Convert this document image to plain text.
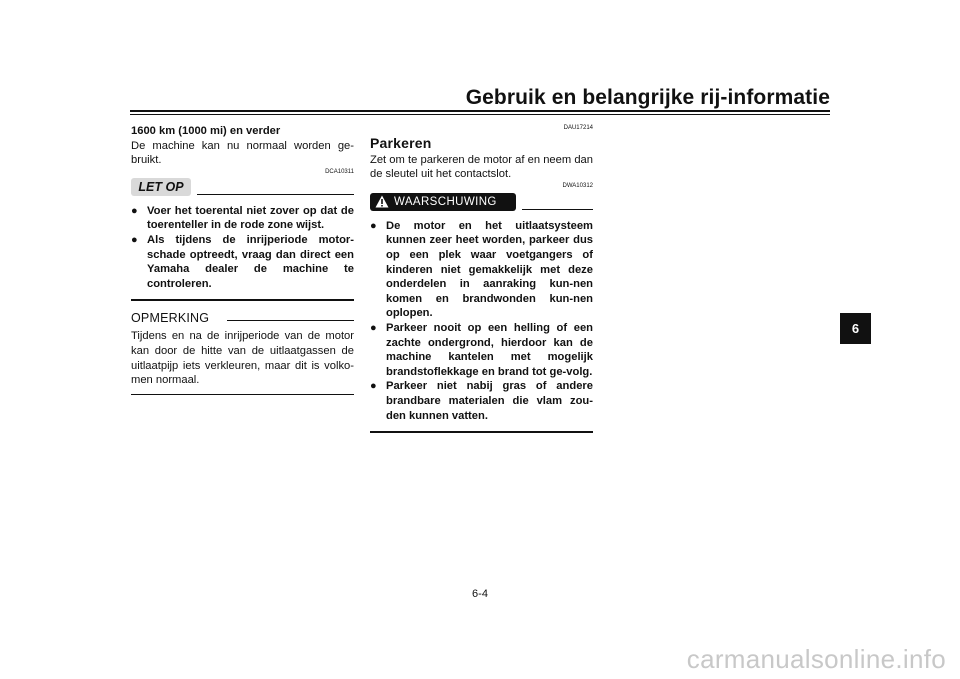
Gebruik en belangrijke rij-informatie
1600 km (1000 mi) en verder
De machine kan nu normaal worden ge-bruikt.

DCA10311

LET OP
● Voer het toerental niet zover op dat de toerenteller in de rode zone wijst.
● Als tijdens de inrijperiode motor-schade optreedt, vraag dan direct een Yamaha dealer de machine te controleren.
OPMERKING
Tijdens en na de inrijperiode van de motor kan door de hitte van de uitlaatgassen de uitlaatpijp iets verkleuren, maar dit is volko-men normaal.

DAU17214

Parkeren
Zet om te parkeren de motor af en neem dan de sleutel uit het contactslot.

DWA10312

WAARSCHUWING
● De motor en het uitlaatsysteem kunnen zeer heet worden, parkeer dus op een plek waar voetgangers of kinderen niet gemakkelijk met deze onderdelen in aanraking kun-nen komen en brandwonden kun-nen oplopen.
● Parkeer nooit op een helling of een zachte ondergrond, hierdoor kan de machine kantelen met mogelijk brandstoflekkage en brand tot ge-volg.
● Parkeer niet nabij gras of andere brandbare materialen die vlam zou-den kunnen vatten.
6
6-4
carmanualsonline.info
